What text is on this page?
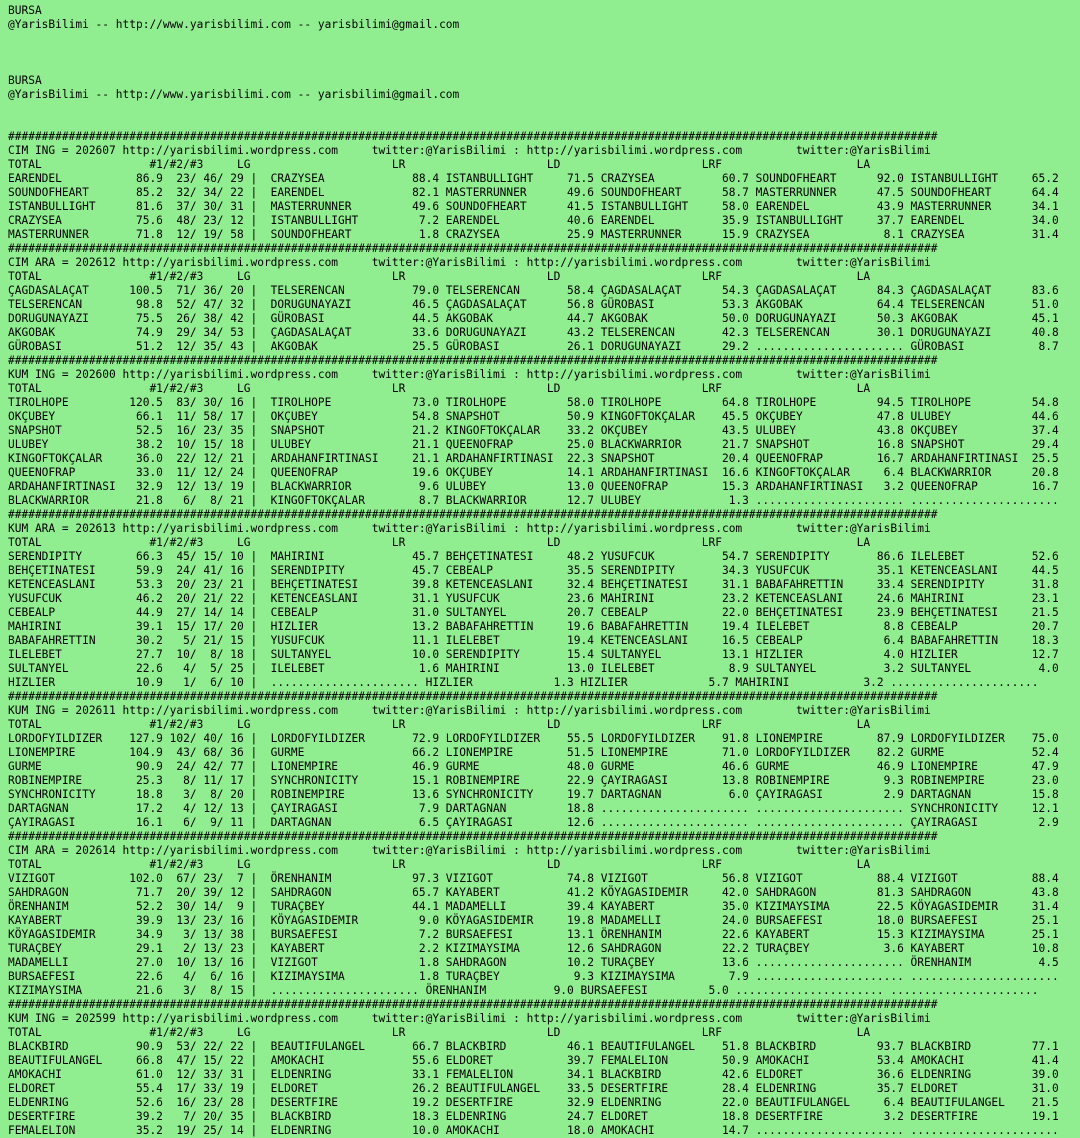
BURSA
@YarisBilimi -- http://www.yarisbilimi.com -- yarisbilimi@gmail.com
BURSA
@YarisBilimi -- http://www.yarisbilimi.com -- yarisbilimi@gmail.com
##########################################################################################################################################
CIM ING = 202607 http://yarisbilimi.wordpress.com     twitter:@YarisBilimi : http://yarisbilimi.wordpress.com        twitter:@YarisBilimi
TOTAL                #1/#2/#3     LG                     LR                     LD                     LRF                    LA
EARENDEL           86.9  23/ 46/ 29 |  CRAZYSEA             88.4 ISTANBULLIGHT     71.5 CRAZYSEA          60.7 SOUNDOFHEART      92.0 ISTANBULLIGHT     65.2
SOUNDOFHEART       85.2  32/ 34/ 22 |  EARENDEL             82.1 MASTERRUNNER      49.6 SOUNDOFHEART      58.7 MASTERRUNNER      47.5 SOUNDOFHEART      64.4
ISTANBULLIGHT      81.6  37/ 30/ 31 |  MASTERRUNNER         49.6 SOUNDOFHEART      41.5 ISTANBULLIGHT     58.0 EARENDEL          43.9 MASTERRUNNER      34.1
CRAZYSEA           75.6  48/ 23/ 12 |  ISTANBULLIGHT         7.2 EARENDEL          40.6 EARENDEL          35.9 ISTANBULLIGHT     37.7 EARENDEL          34.0
MASTERRUNNER       71.8  12/ 19/ 58 |  SOUNDOFHEART          1.8 CRAZYSEA          25.9 MASTERRUNNER      15.9 CRAZYSEA           8.1 CRAZYSEA          31.4
##########################################################################################################################################
CIM ARA = 202612 http://yarisbilimi.wordpress.com     twitter:@YarisBilimi : http://yarisbilimi.wordpress.com        twitter:@YarisBilimi
TOTAL                #1/#2/#3     LG                     LR                     LD                     LRF                    LA
ÇAGDASALAÇAT      100.5  71/ 36/ 20 |  TELSERENCAN          79.0 TELSERENCAN       58.4 ÇAGDASALAÇAT      54.3 ÇAGDASALAÇAT      84.3 ÇAGDASALAÇAT      83.6
TELSERENCAN        98.8  52/ 47/ 32 |  DORUGUNAYAZI         46.5 ÇAGDASALAÇAT      56.8 GÜROBASI          53.3 AKGOBAK           64.4 TELSERENCAN       51.0
DORUGUNAYAZI       75.5  26/ 38/ 42 |  GÜROBASI             44.5 AKGOBAK           44.7 AKGOBAK           50.0 DORUGUNAYAZI      50.3 AKGOBAK           45.1
AKGOBAK            74.9  29/ 34/ 53 |  ÇAGDASALAÇAT         33.6 DORUGUNAYAZI      43.2 TELSERENCAN       42.3 TELSERENCAN       30.1 DORUGUNAYAZI      40.8
GÜROBASI           51.2  12/ 35/ 43 |  AKGOBAK              25.5 GÜROBASI          26.1 DORUGUNAYAZI      29.2 ...................... GÜROBASI           8.7
##########################################################################################################################################
KUM ING = 202600 http://yarisbilimi.wordpress.com     twitter:@YarisBilimi : http://yarisbilimi.wordpress.com        twitter:@YarisBilimi
TOTAL                #1/#2/#3     LG                     LR                     LD                     LRF                    LA
TIROLHOPE         120.5  83/ 30/ 16 |  TIROLHOPE            73.0 TIROLHOPE         58.0 TIROLHOPE         64.8 TIROLHOPE         94.5 TIROLHOPE         54.8
OKÇUBEY            66.1  11/ 58/ 17 |  OKÇUBEY              54.8 SNAPSHOT          50.9 KINGOFTOKÇALAR    45.5 OKÇUBEY           47.8 ULUBEY            44.6
SNAPSHOT           52.5  16/ 23/ 35 |  SNAPSHOT             21.2 KINGOFTOKÇALAR    33.2 OKÇUBEY           43.5 ULUBEY            43.8 OKÇUBEY           37.4
ULUBEY             38.2  10/ 15/ 18 |  ULUBEY               21.1 QUEENOFRAP        25.0 BLACKWARRIOR      21.7 SNAPSHOT          16.8 SNAPSHOT          29.4
KINGOFTOKÇALAR     36.0  22/ 12/ 21 |  ARDAHANFIRTINASI     21.1 ARDAHANFIRTINASI  22.3 SNAPSHOT          20.4 QUEENOFRAP        16.7 ARDAHANFIRTINASI  25.5
QUEENOFRAP         33.0  11/ 12/ 24 |  QUEENOFRAP           19.6 OKÇUBEY           14.1 ARDAHANFIRTINASI  16.6 KINGOFTOKÇALAR     6.4 BLACKWARRIOR      20.8
ARDAHANFIRTINASI   32.9  12/ 13/ 19 |  BLACKWARRIOR          9.6 ULUBEY            13.0 QUEENOFRAP        15.3 ARDAHANFIRTINASI   3.2 QUEENOFRAP        16.7
BLACKWARRIOR       21.8   6/  8/ 21 |  KINGOFTOKÇALAR        8.7 BLACKWARRIOR      12.7 ULUBEY             1.3 ...................... ......................
##########################################################################################################################################
KUM ARA = 202613 http://yarisbilimi.wordpress.com     twitter:@YarisBilimi : http://yarisbilimi.wordpress.com        twitter:@YarisBilimi
TOTAL                #1/#2/#3     LG                     LR                     LD                     LRF                    LA
SERENDIPITY        66.3  45/ 15/ 10 |  MAHIRINI             45.7 BEHÇETINATESI     48.2 YUSUFCUK          54.7 SERENDIPITY       86.6 ILELEBET          52.6
BEHÇETINATESI      59.9  24/ 41/ 16 |  SERENDIPITY          45.7 CEBEALP           35.5 SERENDIPITY       34.3 YUSUFCUK          35.1 KETENCEASLANI     44.5
KETENCEASLANI      53.3  20/ 23/ 21 |  BEHÇETINATESI        39.8 KETENCEASLANI     32.4 BEHÇETINATESI     31.1 BABAFAHRETTIN     33.4 SERENDIPITY       31.8
YUSUFCUK           46.2  20/ 21/ 22 |  KETENCEASLANI        31.1 YUSUFCUK          23.6 MAHIRINI          23.2 KETENCEASLANI     24.6 MAHIRINI          23.1
CEBEALP            44.9  27/ 14/ 14 |  CEBEALP              31.0 SULTANYEL         20.7 CEBEALP           22.0 BEHÇETINATESI     23.9 BEHÇETINATESI     21.5
MAHIRINI           39.1  15/ 17/ 20 |  HIZLIER              13.2 BABAFAHRETTIN     19.6 BABAFAHRETTIN     19.4 ILELEBET           8.8 CEBEALP           20.7
BABAFAHRETTIN      30.2   5/ 21/ 15 |  YUSUFCUK             11.1 ILELEBET          19.4 KETENCEASLANI     16.5 CEBEALP            6.4 BABAFAHRETTIN     18.3
ILELEBET           27.7  10/  8/ 18 |  SULTANYEL            10.0 SERENDIPITY       15.4 SULTANYEL         13.1 HIZLIER            4.0 HIZLIER           12.7
SULTANYEL          22.6   4/  5/ 25 |  ILELEBET              1.6 MAHIRINI          13.0 ILELEBET           8.9 SULTANYEL          3.2 SULTANYEL          4.0
HIZLIER            10.9   1/  6/ 10 |  ...................... HIZLIER            1.3 HIZLIER            5.7 MAHIRINI           3.2 ......................
##########################################################################################################################################
KUM ING = 202611 http://yarisbilimi.wordpress.com     twitter:@YarisBilimi : http://yarisbilimi.wordpress.com        twitter:@YarisBilimi
TOTAL                #1/#2/#3     LG                     LR                     LD                     LRF                    LA
LORDOFYILDIZER    127.9 102/ 40/ 16 |  LORDOFYILDIZER       72.9 LORDOFYILDIZER    55.5 LORDOFYILDIZER    91.8 LIONEMPIRE        87.9 LORDOFYILDIZER    75.0
LIONEMPIRE        104.9  43/ 68/ 36 |  GURME                66.2 LIONEMPIRE        51.5 LIONEMPIRE        71.0 LORDOFYILDIZER    82.2 GURME             52.4
GURME              90.9  24/ 42/ 77 |  LIONEMPIRE           46.9 GURME             48.0 GURME             46.6 GURME             46.9 LIONEMPIRE        47.9
ROBINEMPIRE        25.3   8/ 11/ 17 |  SYNCHRONICITY        15.1 ROBINEMPIRE       22.9 ÇAYIRAGASI        13.8 ROBINEMPIRE        9.3 ROBINEMPIRE       23.0
SYNCHRONICITY      18.8   3/  8/ 20 |  ROBINEMPIRE          13.6 SYNCHRONICITY     19.7 DARTAGNAN          6.0 ÇAYIRAGASI         2.9 DARTAGNAN         15.8
DARTAGNAN          17.2   4/ 12/ 13 |  ÇAYIRAGASI            7.9 DARTAGNAN         18.8 ...................... ...................... SYNCHRONICITY     12.1
ÇAYIRAGASI         16.1   6/  9/ 11 |  DARTAGNAN             6.5 ÇAYIRAGASI        12.6 ...................... ...................... ÇAYIRAGASI         2.9
##########################################################################################################################################
CIM ARA = 202614 http://yarisbilimi.wordpress.com     twitter:@YarisBilimi : http://yarisbilimi.wordpress.com        twitter:@YarisBilimi
TOTAL                #1/#2/#3     LG                     LR                     LD                     LRF                    LA
VIZIGOT           102.0  67/ 23/  7 |  ÖRENHANIM            97.3 VIZIGOT           74.8 VIZIGOT           56.8 VIZIGOT           88.4 VIZIGOT           88.4
SAHDRAGON          71.7  20/ 39/ 12 |  SAHDRAGON            65.7 KAYABERT          41.2 KÖYAGASIDEMIR     42.0 SAHDRAGON         81.3 SAHDRAGON         43.8
ÖRENHANIM          52.2  30/ 14/  9 |  TURAÇBEY             44.1 MADAMELLI         39.4 KAYABERT          35.0 KIZIMAYSIMA       22.5 KÖYAGASIDEMIR     31.4
KAYABERT           39.9  13/ 23/ 16 |  KÖYAGASIDEMIR         9.0 KÖYAGASIDEMIR     19.8 MADAMELLI         24.0 BURSAEFESI        18.0 BURSAEFESI        25.1
KÖYAGASIDEMIR      34.9   3/ 13/ 38 |  BURSAEFESI            7.2 BURSAEFESI        13.1 ÖRENHANIM         22.6 KAYABERT          15.3 KIZIMAYSIMA       25.1
TURAÇBEY           29.1   2/ 13/ 23 |  KAYABERT              2.2 KIZIMAYSIMA       12.6 SAHDRAGON         22.2 TURAÇBEY           3.6 KAYABERT          10.8
MADAMELLI          27.0  10/ 13/ 16 |  VIZIGOT               1.8 SAHDRAGON         10.2 TURAÇBEY          13.6 ...................... ÖRENHANIM          4.5
BURSAEFESI         22.6   4/  6/ 16 |  KIZIMAYSIMA           1.8 TURAÇBEY           9.3 KIZIMAYSIMA        7.9 ...................... ......................
KIZIMAYSIMA        21.6   3/  8/ 15 |  ...................... ÖRENHANIM          9.0 BURSAEFESI         5.0 ...................... ......................
##########################################################################################################################################
KUM ING = 202599 http://yarisbilimi.wordpress.com     twitter:@YarisBilimi : http://yarisbilimi.wordpress.com        twitter:@YarisBilimi
TOTAL                #1/#2/#3     LG                     LR                     LD                     LRF                    LA
BLACKBIRD          90.9  53/ 22/ 22 |  BEAUTIFULANGEL       66.7 BLACKBIRD         46.1 BEAUTIFULANGEL    51.8 BLACKBIRD         93.7 BLACKBIRD         77.1
BEAUTIFULANGEL     66.8  47/ 15/ 22 |  AMOKACHI             55.6 ELDORET           39.7 FEMALELION        50.9 AMOKACHI          53.4 AMOKACHI          41.4
AMOKACHI           61.0  12/ 33/ 31 |  ELDENRING            33.1 FEMALELION        34.1 BLACKBIRD         42.6 ELDORET           36.6 ELDENRING         39.0
ELDORET            55.4  17/ 33/ 19 |  ELDORET              26.2 BEAUTIFULANGEL    33.5 DESERTFIRE        28.4 ELDENRING         35.7 ELDORET           31.0
ELDENRING          52.6  16/ 23/ 28 |  DESERTFIRE           19.2 DESERTFIRE        32.9 ELDENRING         22.0 BEAUTIFULANGEL     6.4 BEAUTIFULANGEL    21.5
DESERTFIRE         39.2   7/ 20/ 35 |  BLACKBIRD            18.3 ELDENRING         24.7 ELDORET           18.8 DESERTFIRE         3.2 DESERTFIRE        19.1
FEMALELION         35.2  19/ 25/ 14 |  ELDENRING            10.0 AMOKACHI          18.0 AMOKACHI          14.7 ...................... ......................
